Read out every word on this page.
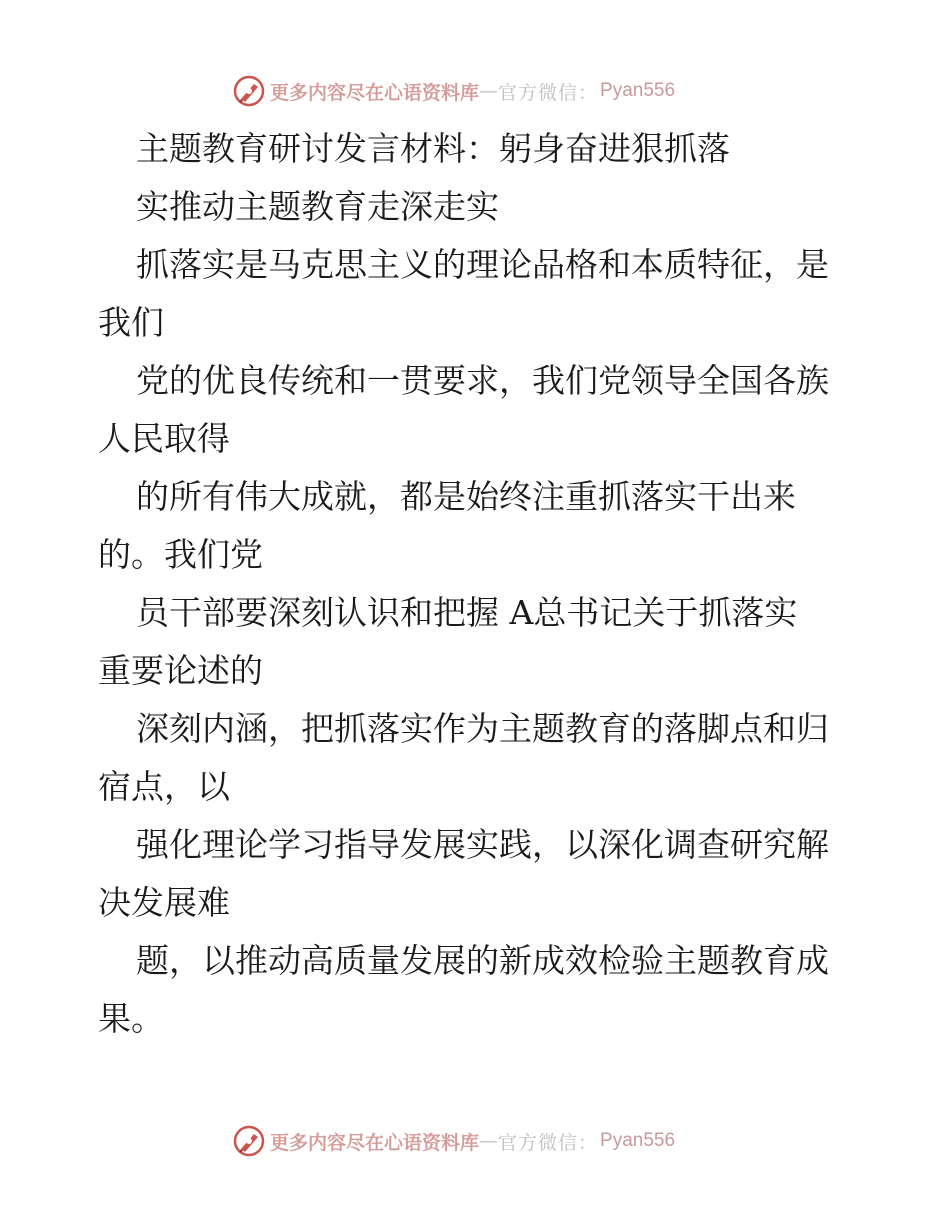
更多内容尽在心语资料库 — 官方微信： Pyan556
主题教育研讨发言材料：躬身奋进狠抓落
实推动主题教育走深走实
抓落实是马克思主义的理论品格和本质特征，是
我们
党的优良传统和一贯要求，我们党领导全国各族
人民取得
的所有伟大成就，都是始终注重抓落实干出来
的。我们党
员干部要深刻认识和把握 A总书记关于抓落实
重要论述的
深刻内涵，把抓落实作为主题教育的落脚点和归
宿点，以
强化理论学习指导发展实践，以深化调查研究解
决发展难
题，以推动高质量发展的新成效检验主题教育成
果。
更多内容尽在心语资料库 — 官方微信： Pyan556
